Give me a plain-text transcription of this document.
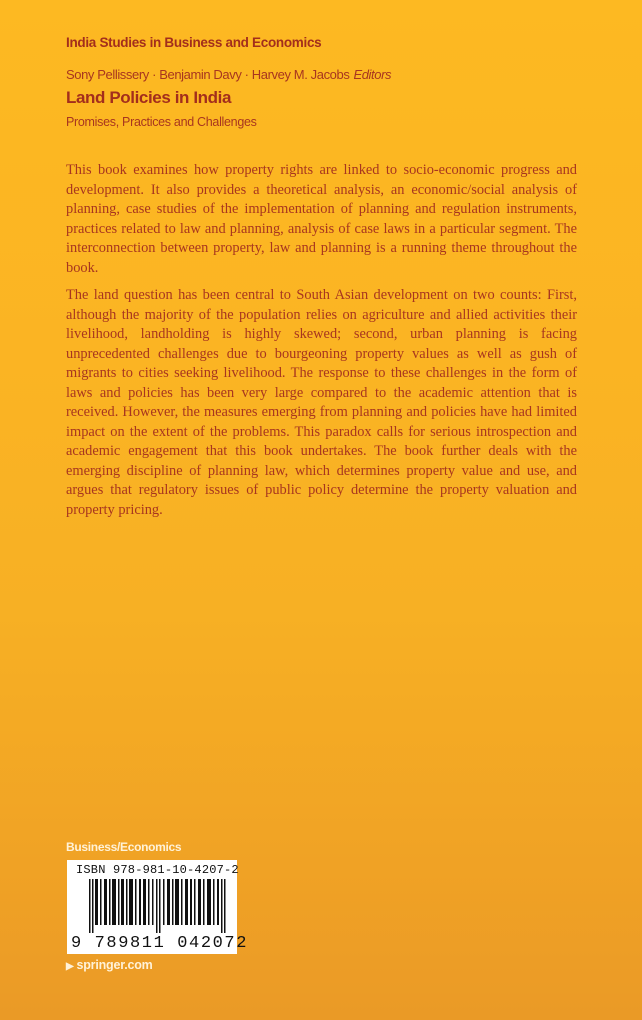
India Studies in Business and Economics
Sony Pellissery · Benjamin Davy · Harvey M. Jacobs Editors
Land Policies in India
Promises, Practices and Challenges

This book examines how property rights are linked to socio-economic progress and development. It also provides a theoretical analysis, an economic/social analysis of planning, case studies of the implementation of planning and regulation instruments, practices related to law and planning, analysis of case laws in a particular segment. The interconnection between property, law and planning is a running theme throughout the book.

The land question has been central to South Asian development on two counts: First, although the majority of the population relies on agriculture and allied activities their livelihood, landholding is highly skewed; second, urban planning is facing unprecedented challenges due to bourgeoning property values as well as gush of migrants to cities seeking livelihood. The response to these challenges in the form of laws and policies has been very large compared to the academic attention that is received. However, the measures emerging from planning and policies have had limited impact on the extent of the problems. This paradox calls for serious introspection and academic engagement that this book undertakes. The book further deals with the emerging discipline of planning law, which determines property value and use, and argues that regulatory issues of public policy determine the property valuation and property pricing.

Business/Economics
ISBN 978-981-10-4207-2
9 789811 042072
▶ springer.com
